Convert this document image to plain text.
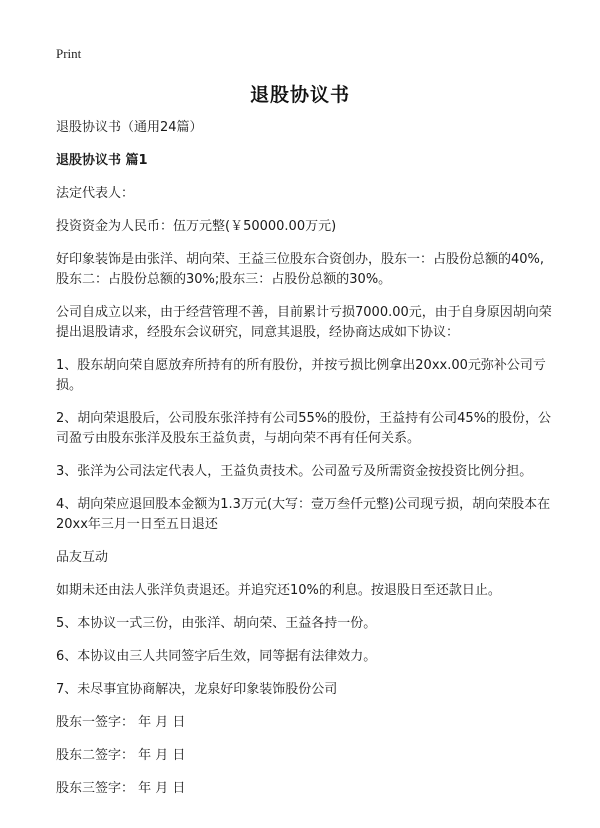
Print
退股协议书
退股协议书（通用24篇）
退股协议书 篇1
法定代表人：
投资资金为人民币：伍万元整(￥50000.00万元)
好印象装饰是由张洋、胡向荣、王益三位股东合资创办，股东一：占股份总额的40%,股东二：占股份总额的30%;股东三：占股份总额的30%。
公司自成立以来，由于经营管理不善，目前累计亏损7000.00元，由于自身原因胡向荣提出退股请求，经股东会议研究，同意其退股，经协商达成如下协议：
1、股东胡向荣自愿放弃所持有的所有股份，并按亏损比例拿出20xx.00元弥补公司亏损。
2、胡向荣退股后，公司股东张洋持有公司55%的股份，王益持有公司45%的股份，公司盈亏由股东张洋及股东王益负责，与胡向荣不再有任何关系。
3、张洋为公司法定代表人，王益负责技术。公司盈亏及所需资金按投资比例分担。
4、胡向荣应退回股本金额为1.3万元(大写：壹万叁仟元整)公司现亏损，胡向荣股本在20xx年三月一日至五日退还
品友互动
如期未还由法人张洋负责退还。并追究还10%的利息。按退股日至还款日止。
5、本协议一式三份，由张洋、胡向荣、王益各持一份。
6、本协议由三人共同签字后生效，同等据有法律效力。
7、未尽事宜协商解决，龙泉好印象装饰股份公司
股东一签字： 年 月 日
股东二签字： 年 月 日
股东三签字： 年 月 日
